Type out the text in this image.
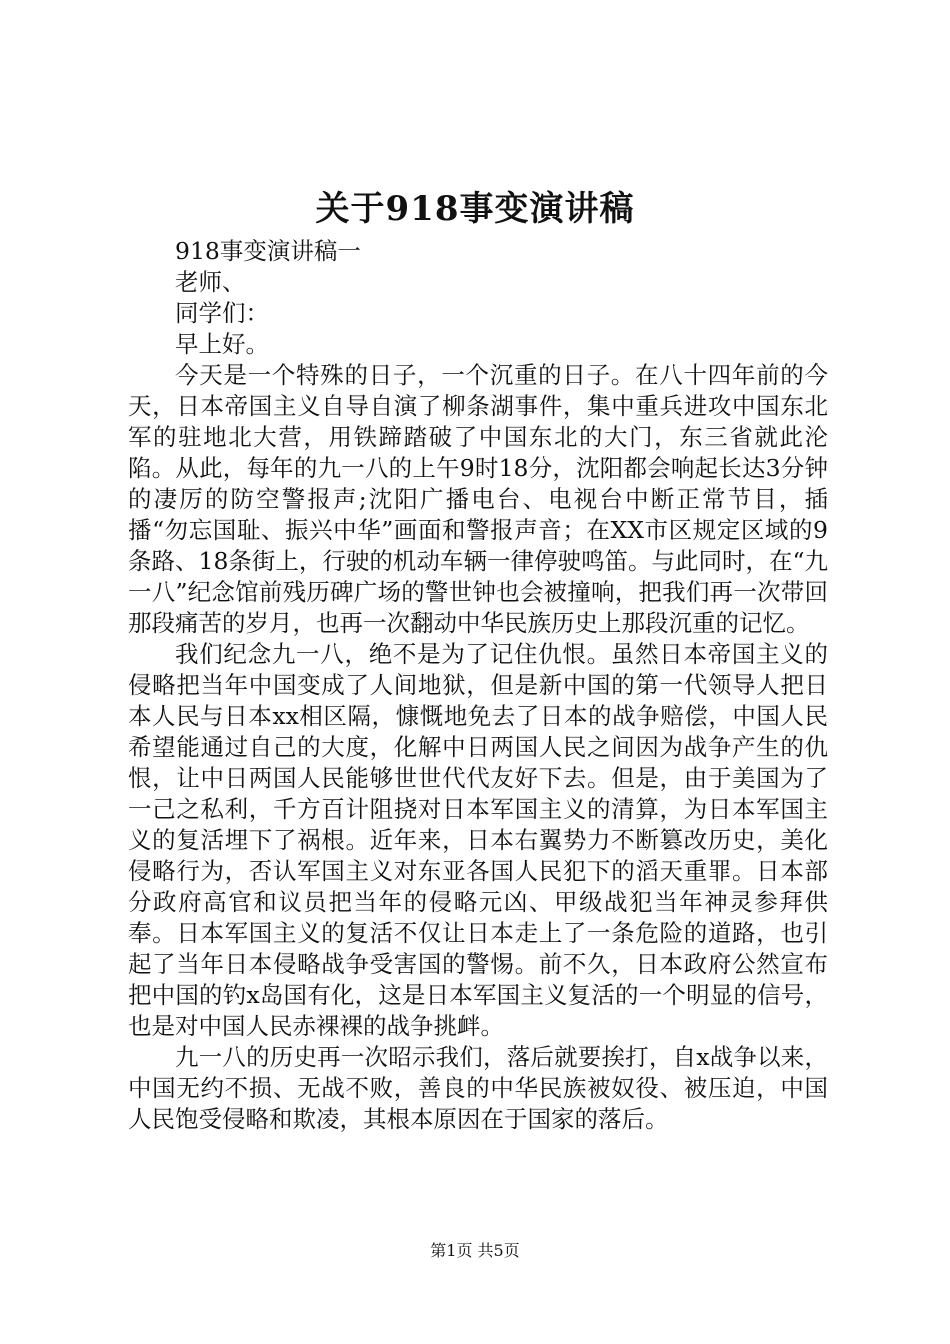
关于918事变演讲稿

918事变演讲稿一

老师、

同学们：

早上好。

今天是一个特殊的日子，一个沉重的日子。在八十四年前的今天，日本帝国主义自导自演了柳条湖事件，集中重兵进攻中国东北军的驻地北大营，用铁蹄踏破了中国东北的大门，东三省就此沦陷。从此，每年的九一八的上午9时18分，沈阳都会响起长达3分钟的凄厉的防空警报声;沈阳广播电台、电视台中断正常节目，插播“勿忘国耻、振兴中华”画面和警报声音；在XX市区规定区域的9条路、18条街上，行驶的机动车辆一律停驶鸣笛。与此同时，在“九一八”纪念馆前残历碑广场的警世钟也会被撞响，把我们再一次带回那段痛苦的岁月，也再一次翻动中华民族历史上那段沉重的记忆。

我们纪念九一八，绝不是为了记住仇恨。虽然日本帝国主义的侵略把当年中国变成了人间地狱，但是新中国的第一代领导人把日本人民与日本xx相区隔，慷慨地免去了日本的战争赔偿，中国人民希望能通过自己的大度，化解中日两国人民之间因为战争产生的仇恨，让中日两国人民能够世世代代友好下去。但是，由于美国为了一己之私利，千方百计阻挠对日本军国主义的清算，为日本军国主义的复活埋下了祸根。近年来，日本右翼势力不断篡改历史，美化侵略行为，否认军国主义对东亚各国人民犯下的滔天重罪。日本部分政府高官和议员把当年的侵略元凶、甲级战犯当年神灵参拜供奉。日本军国主义的复活不仅让日本走上了一条危险的道路，也引起了当年日本侵略战争受害国的警惕。前不久，日本政府公然宣布把中国的钓x岛国有化，这是日本军国主义复活的一个明显的信号，也是对中国人民赤裸裸的战争挑衅。

九一八的历史再一次昭示我们，落后就要挨打，自x战争以来，中国无约不损、无战不败，善良的中华民族被奴役、被压迫，中国人民饱受侵略和欺凌，其根本原因在于国家的落后。

第1页 共5页
